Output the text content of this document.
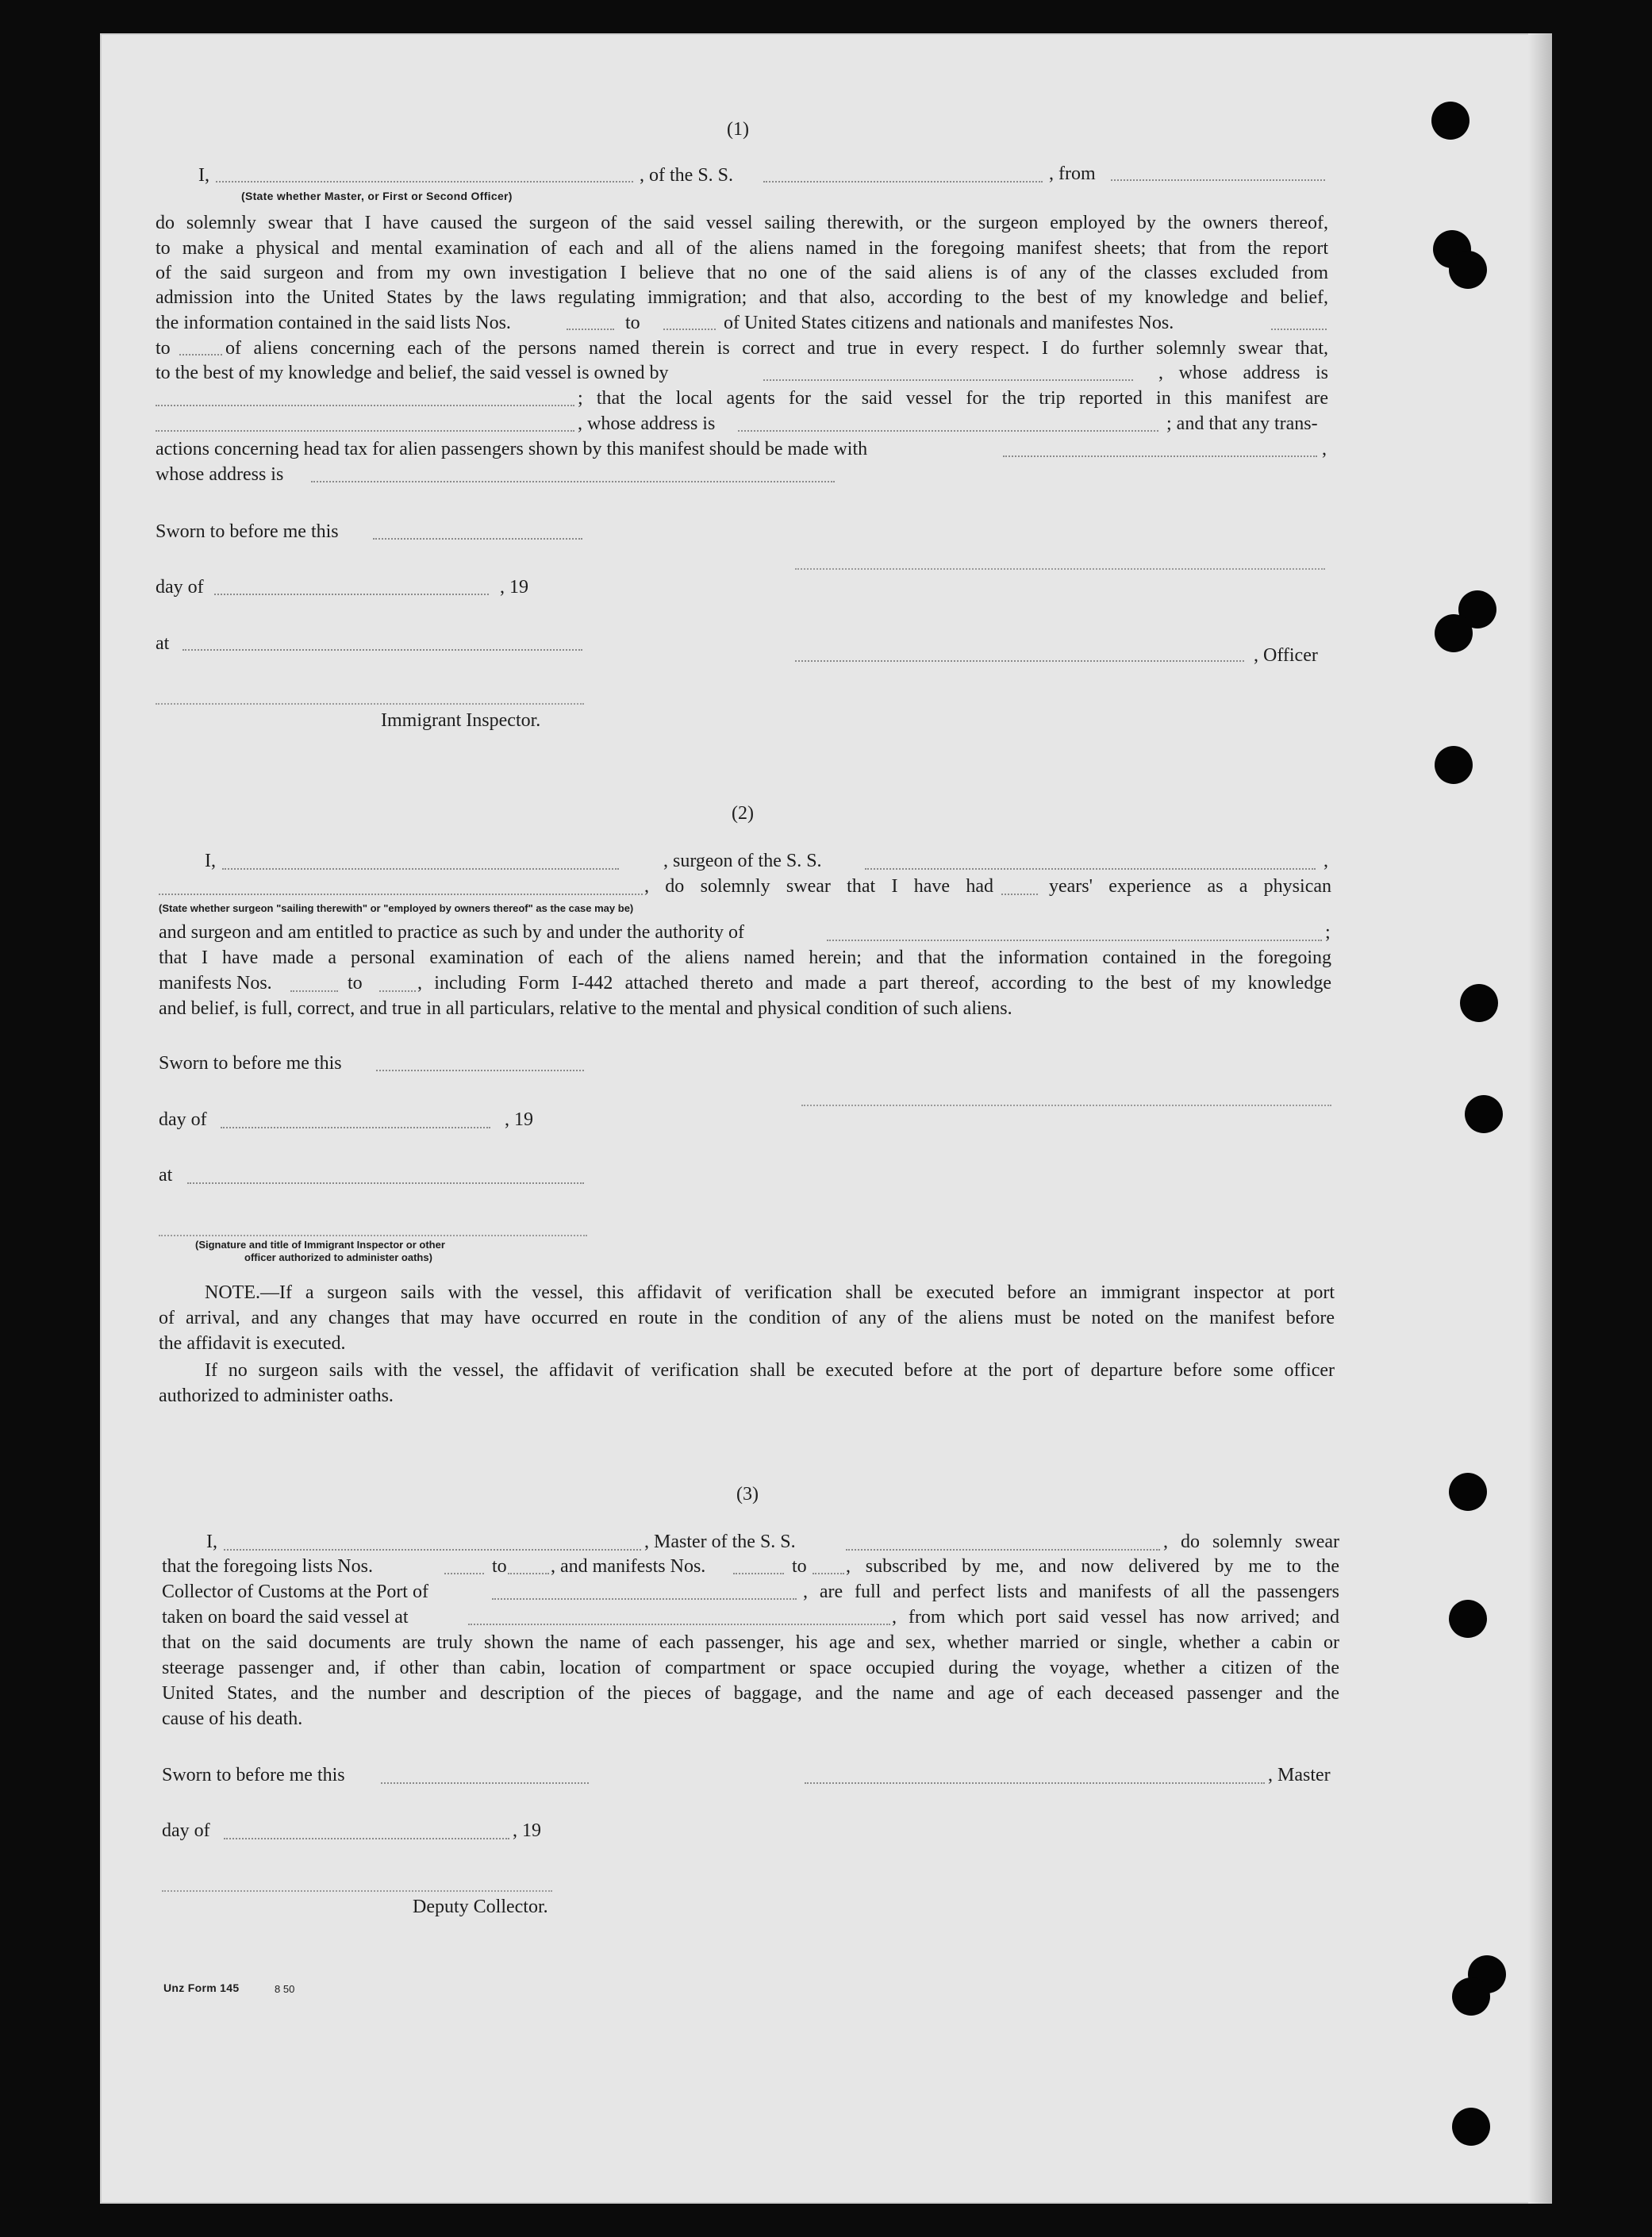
(1)
I,	, of the S. S.	, from
(State whether Master, or First or Second Officer)
do solemnly swear that I have caused the surgeon of the said vessel sailing therewith, or the surgeon employed by the owners thereof,
to make a physical and mental examination of each and all of the aliens named in the foregoing manifest sheets; that from the report
of the said surgeon and from my own investigation I believe that no one of the said aliens is of any of the classes excluded from
admission into the United States by the laws regulating immigration; and that also, according to the best of my knowledge and belief,
the information contained in the said lists Nos.	to	of United States citizens and nationals and manifestes Nos.
to	of aliens concerning each of the persons named therein is correct and true in every respect. I do further solemnly swear that,
to the best of my knowledge and belief, the said vessel is owned by	, whose address is
; that the local agents for the said vessel for the trip reported in this manifest are
, whose address is	; and that any trans-
actions concerning head tax for alien passengers shown by this manifest should be made with	,
whose address is
Sworn to before me this
day of	, 19
at
, Officer
Immigrant Inspector.
(2)
I,	, surgeon of the S. S.	,
, do solemnly swear that I have had	years' experience as a physican
(State whether surgeon "sailing therewith" or "employed by owners thereof" as the case may be)
and surgeon and am entitled to practice as such by and under the authority of	;
that I have made a personal examination of each of the aliens named herein; and that the information contained in the foregoing
manifests Nos.	to	, including Form I-442 attached thereto and made a part thereof, according to the best of my knowledge
and belief, is full, correct, and true in all particulars, relative to the mental and physical condition of such aliens.
Sworn to before me this
day of	, 19
at
(Signature and title of Immigrant Inspector or other
officer authorized to administer oaths)
NOTE.—If a surgeon sails with the vessel, this affidavit of verification shall be executed before an immigrant inspector at port
of arrival, and any changes that may have occurred en route in the condition of any of the aliens must be noted on the manifest before
the affidavit is executed.
If no surgeon sails with the vessel, the affidavit of verification shall be executed before at the port of departure before some officer
authorized to administer oaths.
(3)
I,	, Master of the S. S.	, do solemnly swear
that the foregoing lists Nos.	to , and manifests Nos.	to , subscribed by me, and now delivered by me to the
Collector of Customs at the Port of	, are full and perfect lists and manifests of all the passengers
taken on board the said vessel at	, from which port said vessel has now arrived; and
that on the said documents are truly shown the name of each passenger, his age and sex, whether married or single, whether a cabin or
steerage passenger and, if other than cabin, location of compartment or space occupied during the voyage, whether a citizen of the
United States, and the number and description of the pieces of baggage, and the name and age of each deceased passenger and the
cause of his death.
Sworn to before me this	, Master
day of	, 19
Deputy Collector.
Unz Form 145	8 50
